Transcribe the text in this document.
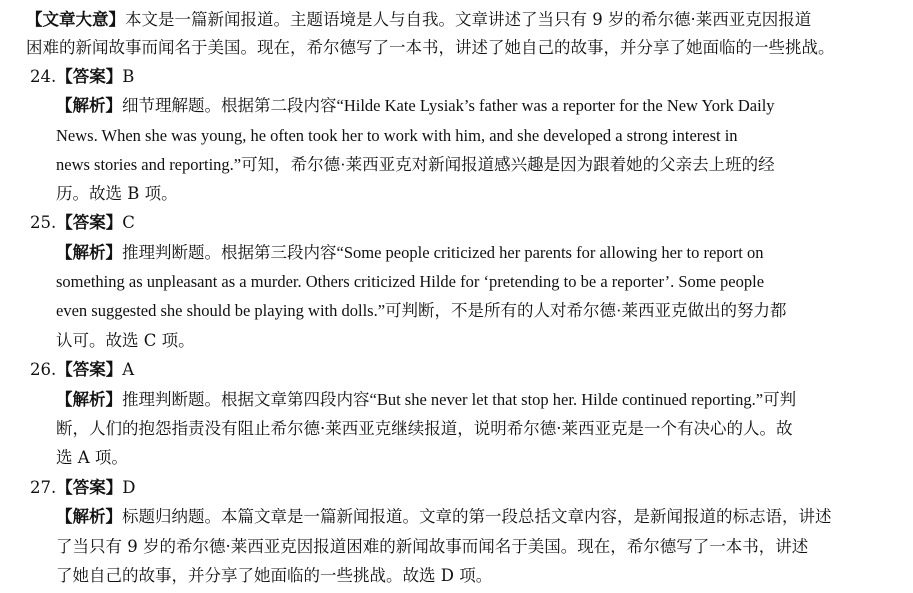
【文章大意】本文是一篇新闻报道。主题语境是人与自我。文章讲述了当只有 9 岁的希尔德·莱西亚克因报道
困难的新闻故事而闻名于美国。现在，希尔德写了一本书，讲述了她自己的故事，并分享了她面临的一些挑战。
24.【答案】B
【解析】细节理解题。根据第二段内容“Hilde Kate Lysiak’s father was a reporter for the New York Daily
News. When she was young, he often took her to work with him, and she developed a strong interest in
news stories and reporting.”可知，希尔德·莱西亚克对新闻报道感兴趣是因为跟着她的父亲去上班的经
历。故选 B 项。
25.【答案】C
【解析】推理判断题。根据第三段内容“Some people criticized her parents for allowing her to report on
something as unpleasant as a murder. Others criticized Hilde for ‘pretending to be a reporter’. Some people
even suggested she should be playing with dolls.”可判断，不是所有的人对希尔德·莱西亚克做出的努力都
认可。故选 C 项。
26.【答案】A
【解析】推理判断题。根据文章第四段内容“But she never let that stop her. Hilde continued reporting.”可判
断，人们的抱怨指责没有阻止希尔德·莱西亚克继续报道，说明希尔德·莱西亚克是一个有决心的人。故
选 A 项。
27.【答案】D
【解析】标题归纳题。本篇文章是一篇新闻报道。文章的第一段总括文章内容，是新闻报道的标志语，讲述
了当只有 9 岁的希尔德·莱西亚克因报道困难的新闻故事而闻名于美国。现在，希尔德写了一本书，讲述
了她自己的故事，并分享了她面临的一些挑战。故选 D 项。
